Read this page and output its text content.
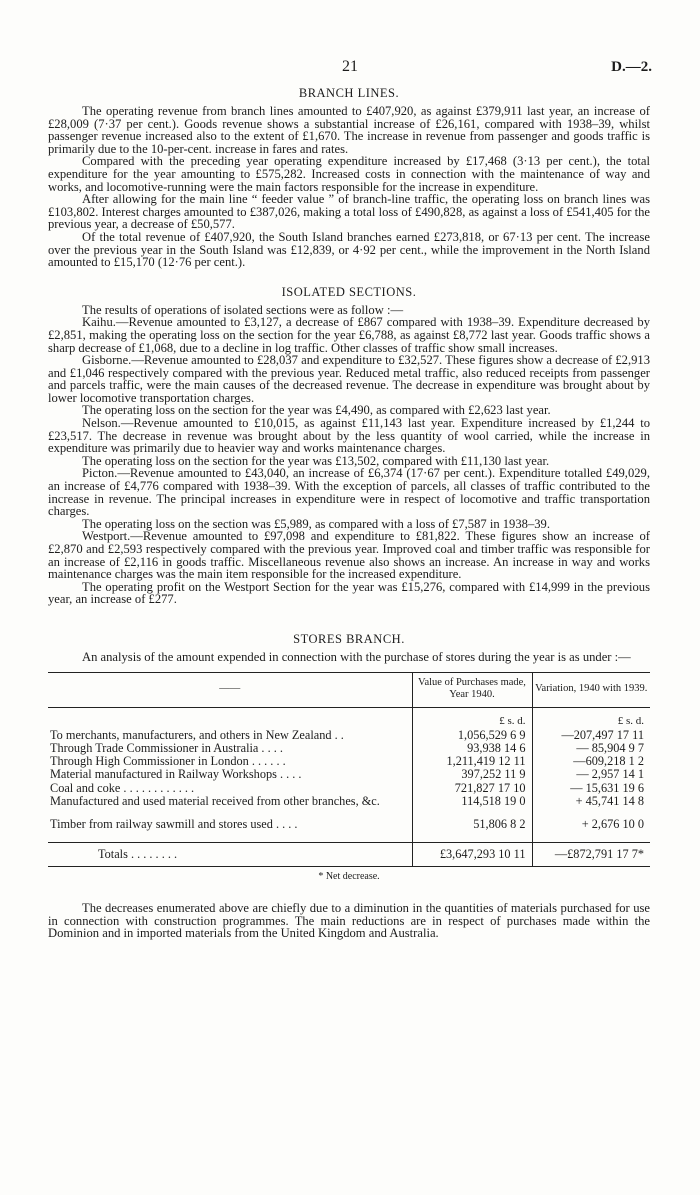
21	D.—2.
BRANCH LINES.

The operating revenue from branch lines amounted to £407,920, as against £379,911 last year, an increase of £28,009 (7·37 per cent.). Goods revenue shows a substantial increase of £26,161, compared with 1938–39, whilst passenger revenue increased also to the extent of £1,670. The increase in revenue from passenger and goods traffic is primarily due to the 10-per-cent. increase in fares and rates.

Compared with the preceding year operating expenditure increased by £17,468 (3·13 per cent.), the total expenditure for the year amounting to £575,282. Increased costs in connection with the maintenance of way and works, and locomotive-running were the main factors responsible for the increase in expenditure.

After allowing for the main line “ feeder value ” of branch-line traffic, the operating loss on branch lines was £103,802. Interest charges amounted to £387,026, making a total loss of £490,828, as against a loss of £541,405 for the previous year, a decrease of £50,577.

Of the total revenue of £407,920, the South Island branches earned £273,818, or 67·13 per cent. The increase over the previous year in the South Island was £12,839, or 4·92 per cent., while the improvement in the North Island amounted to £15,170 (12·76 per cent.).

ISOLATED SECTIONS.

The results of operations of isolated sections were as follow :—

Kaihu.—Revenue amounted to £3,127, a decrease of £867 compared with 1938–39. Expenditure decreased by £2,851, making the operating loss on the section for the year £6,788, as against £8,772 last year. Goods traffic shows a sharp decrease of £1,068, due to a decline in log traffic. Other classes of traffic show small increases.

Gisborne.—Revenue amounted to £28,037 and expenditure to £32,527. These figures show a decrease of £2,913 and £1,046 respectively compared with the previous year. Reduced metal traffic, also reduced receipts from passenger and parcels traffic, were the main causes of the decreased revenue. The decrease in expenditure was brought about by lower locomotive transportation charges.

The operating loss on the section for the year was £4,490, as compared with £2,623 last year.

Nelson.—Revenue amounted to £10,015, as against £11,143 last year. Expenditure increased by £1,244 to £23,517. The decrease in revenue was brought about by the less quantity of wool carried, while the increase in expenditure was primarily due to heavier way and works maintenance charges.

The operating loss on the section for the year was £13,502, compared with £11,130 last year.

Picton.—Revenue amounted to £43,040, an increase of £6,374 (17·67 per cent.). Expenditure totalled £49,029, an increase of £4,776 compared with 1938–39. With the exception of parcels, all classes of traffic contributed to the increase in revenue. The principal increases in expenditure were in respect of locomotive and traffic transportation charges.

The operating loss on the section was £5,989, as compared with a loss of £7,587 in 1938–39.

Westport.—Revenue amounted to £97,098 and expenditure to £81,822. These figures show an increase of £2,870 and £2,593 respectively compared with the previous year. Improved coal and timber traffic was responsible for an increase of £2,116 in goods traffic. Miscellaneous revenue also shows an increase. An increase in way and works maintenance charges was the main item responsible for the increased expenditure.

The operating profit on the Westport Section for the year was £15,276, compared with £14,999 in the previous year, an increase of £277.

STORES BRANCH.

An analysis of the amount expended in connection with the purchase of stores during the year is as under :—

——	Value of Purchases made, Year 1940.	Variation, 1940 with 1939.
	£ s. d.	£ s. d.
To merchants, manufacturers, and others in New Zealand . .	1,056,529 6 9	—207,497 17 11
Through Trade Commissioner in Australia . . . .	93,938 14 6	— 85,904 9 7
Through High Commissioner in London . . . . . .	1,211,419 12 11	—609,218 1 2
Material manufactured in Railway Workshops . . . .	397,252 11 9	— 2,957 14 1
Coal and coke . . . . . . . . . . . .	721,827 17 10	— 15,631 19 6
Manufactured and used material received from other branches, &c.	114,518 19 0	+ 45,741 14 8

Timber from railway sawmill and stores used . . . .	51,806 8 2	+ 2,676 10 0

Totals . . . . . . . .	£3,647,293 10 11	—£872,791 17 7*
* Net decrease.

The decreases enumerated above are chiefly due to a diminution in the quantities of materials purchased for use in connection with construction programmes. The main reductions are in respect of purchases made within the Dominion and in imported materials from the United Kingdom and Australia.
